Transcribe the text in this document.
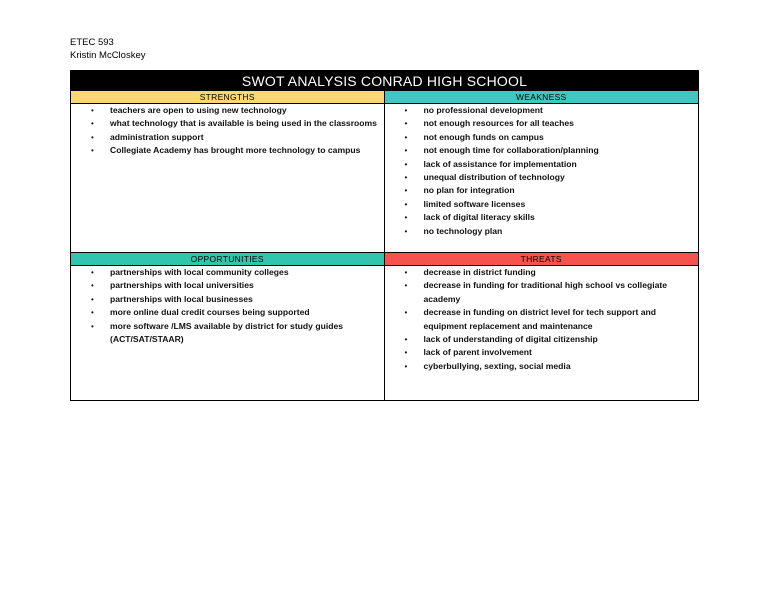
ETEC 593
Kristin McCloskey
SWOT ANALYSIS CONRAD HIGH SCHOOL
STRENGTHS
• teachers are open to using new technology
• what technology that is available is being used in the classrooms
• administration support
• Collegiate Academy has brought more technology to campus
WEAKNESS
• no professional development
• not enough resources for all teaches
• not enough funds on campus
• not enough time for collaboration/planning
• lack of assistance for implementation
• unequal distribution of technology
• no plan for integration
• limited software licenses
• lack of digital literacy skills
• no technology plan
OPPORTUNITIES
• partnerships with local community colleges
• partnerships with local universities
• partnerships with local businesses
• more online dual credit courses being supported
• more software /LMS available by district for study guides (ACT/SAT/STAAR)
THREATS
• decrease in district funding
• decrease in funding for traditional high school vs collegiate academy
• decrease in funding on district level for tech support and equipment replacement and maintenance
• lack of understanding of digital citizenship
• lack of parent involvement
• cyberbullying, sexting, social media
